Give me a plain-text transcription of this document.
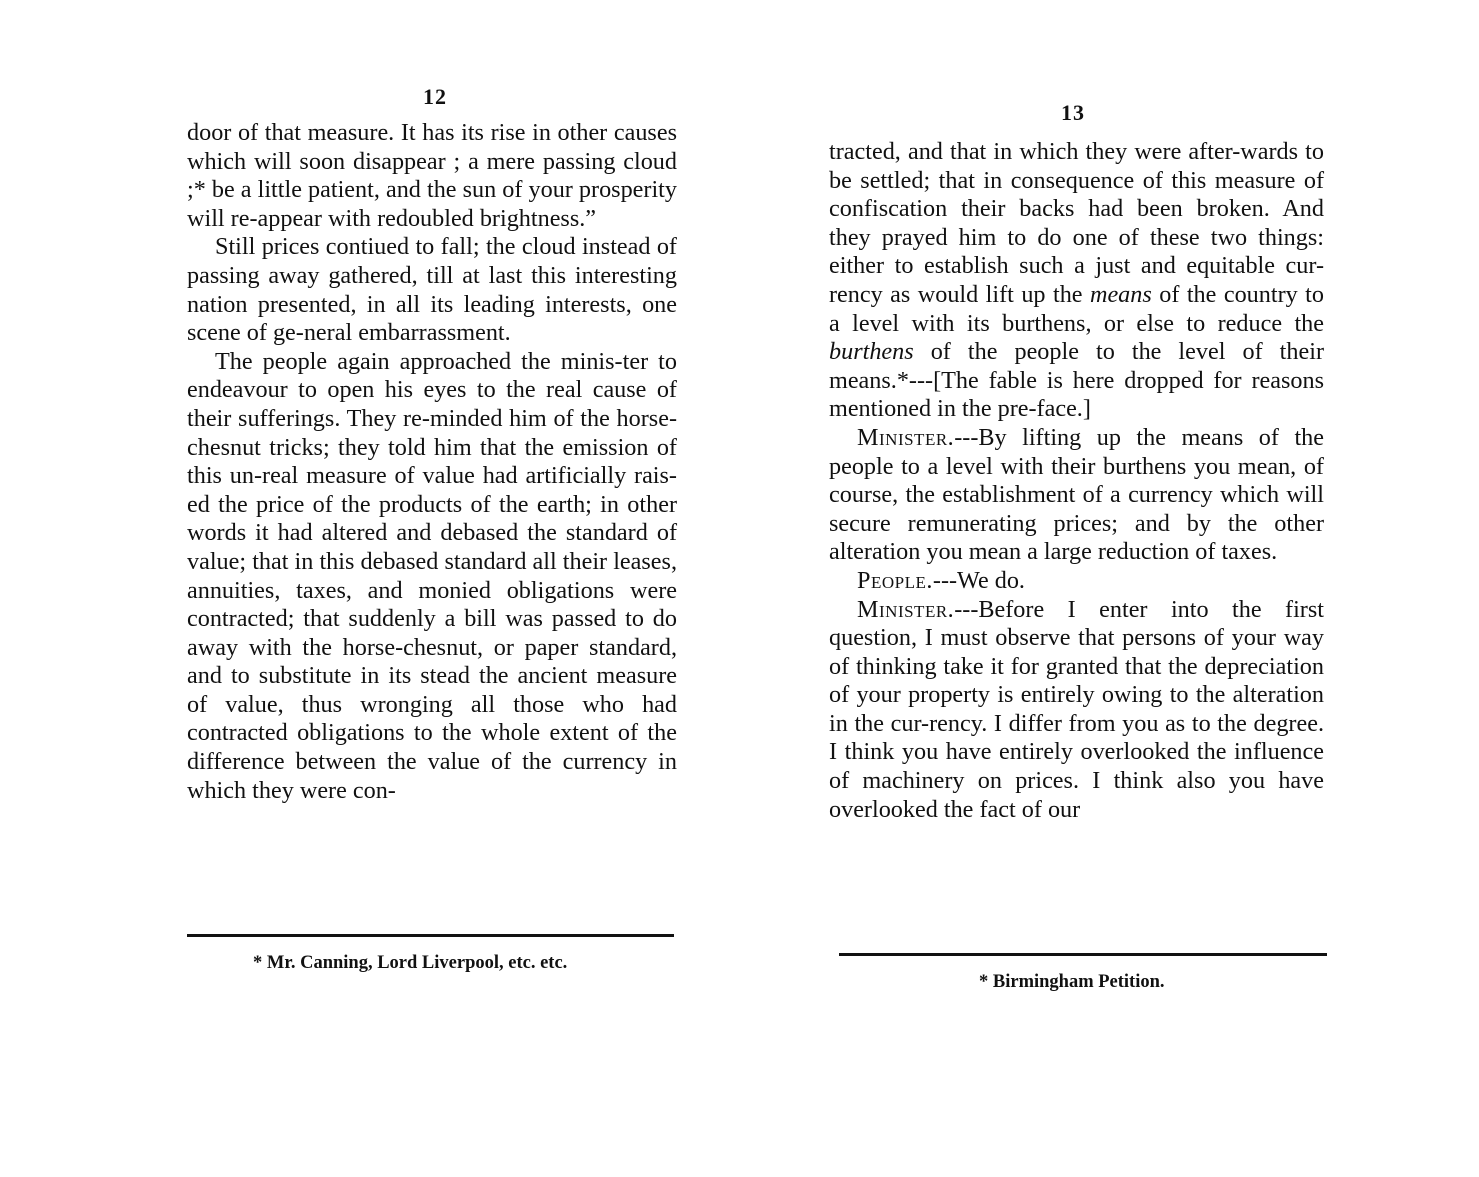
12

door of that measure. It has its rise in other causes which will soon disappear ; a mere passing cloud ;* be a little patient, and the sun of your prosperity will re-appear with redoubled brightness.”

Still prices contiued to fall; the cloud instead of passing away gathered, till at last this interesting nation presented, in all its leading interests, one scene of ge-neral embarrassment.

The people again approached the minis-ter to endeavour to open his eyes to the real cause of their sufferings. They re-minded him of the horse-chesnut tricks; they told him that the emission of this un-real measure of value had artificially rais-ed the price of the products of the earth; in other words it had altered and debased the standard of value; that in this debased standard all their leases, annuities, taxes, and monied obligations were contracted; that suddenly a bill was passed to do away with the horse-chesnut, or paper standard, and to substitute in its stead the ancient measure of value, thus wronging all those who had contracted obligations to the whole extent of the difference between the value of the currency in which they were con-

* Mr. Canning, Lord Liverpool, etc. etc.
13

tracted, and that in which they were after-wards to be settled; that in consequence of this measure of confiscation their backs had been broken. And they prayed him to do one of these two things: either to establish such a just and equitable cur-rency as would lift up the means of the country to a level with its burthens, or else to reduce the burthens of the people to the level of their means.*---[The fable is here dropped for reasons mentioned in the pre-face.]

Minister.---By lifting up the means of the people to a level with their burthens you mean, of course, the establishment of a currency which will secure remunerating prices; and by the other alteration you mean a large reduction of taxes.

People.---We do.

Minister.---Before I enter into the first question, I must observe that persons of your way of thinking take it for granted that the depreciation of your property is entirely owing to the alteration in the cur-rency. I differ from you as to the degree. I think you have entirely overlooked the influence of machinery on prices. I think also you have overlooked the fact of our

* Birmingham Petition.
